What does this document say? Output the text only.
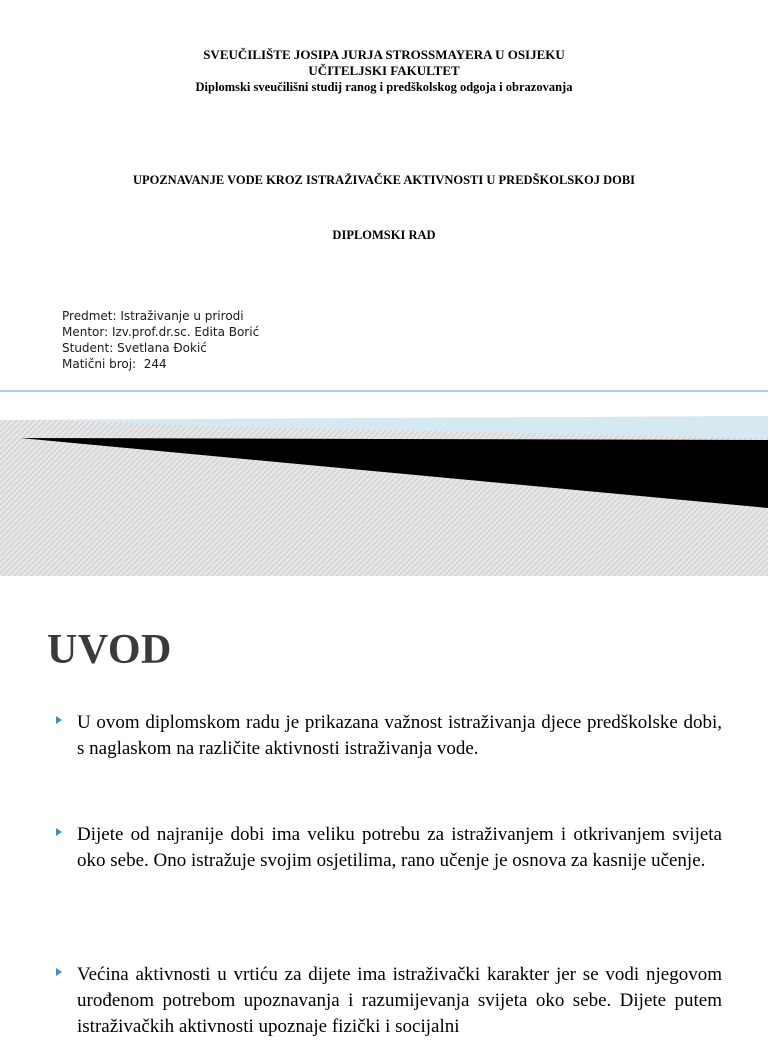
SVEUČILIŠTE JOSIPA JURJA STROSSMAYERA U OSIJEKU
UČITELJSKI FAKULTET
Diplomski sveučilišni studij ranog i predškolskog odgoja i obrazovanja
UPOZNAVANJE VODE KROZ ISTRAŽIVAČKE AKTIVNOSTI U PREDŠKOLSKOJ DOBI
DIPLOMSKI RAD
Predmet: Istraživanje u prirodi
Mentor: Izv.prof.dr.sc. Edita Borić
Student: Svetlana Đokić
Matični broj:  244
UVOD
U ovom diplomskom radu je prikazana važnost istraživanja djece predškolske dobi, s naglaskom na različite aktivnosti istraživanja vode.
Dijete od najranije dobi ima veliku potrebu za istraživanjem i otkrivanjem svijeta oko sebe. Ono istražuje svojim osjetilima, rano učenje je osnova za kasnije učenje.
Većina aktivnosti u vrtiću za dijete ima istraživački karakter jer se vodi njegovom urođenom potrebom upoznavanja i razumijevanja svijeta oko sebe. Dijete putem istraživačkih aktivnosti upoznaje fizički i socijalni
